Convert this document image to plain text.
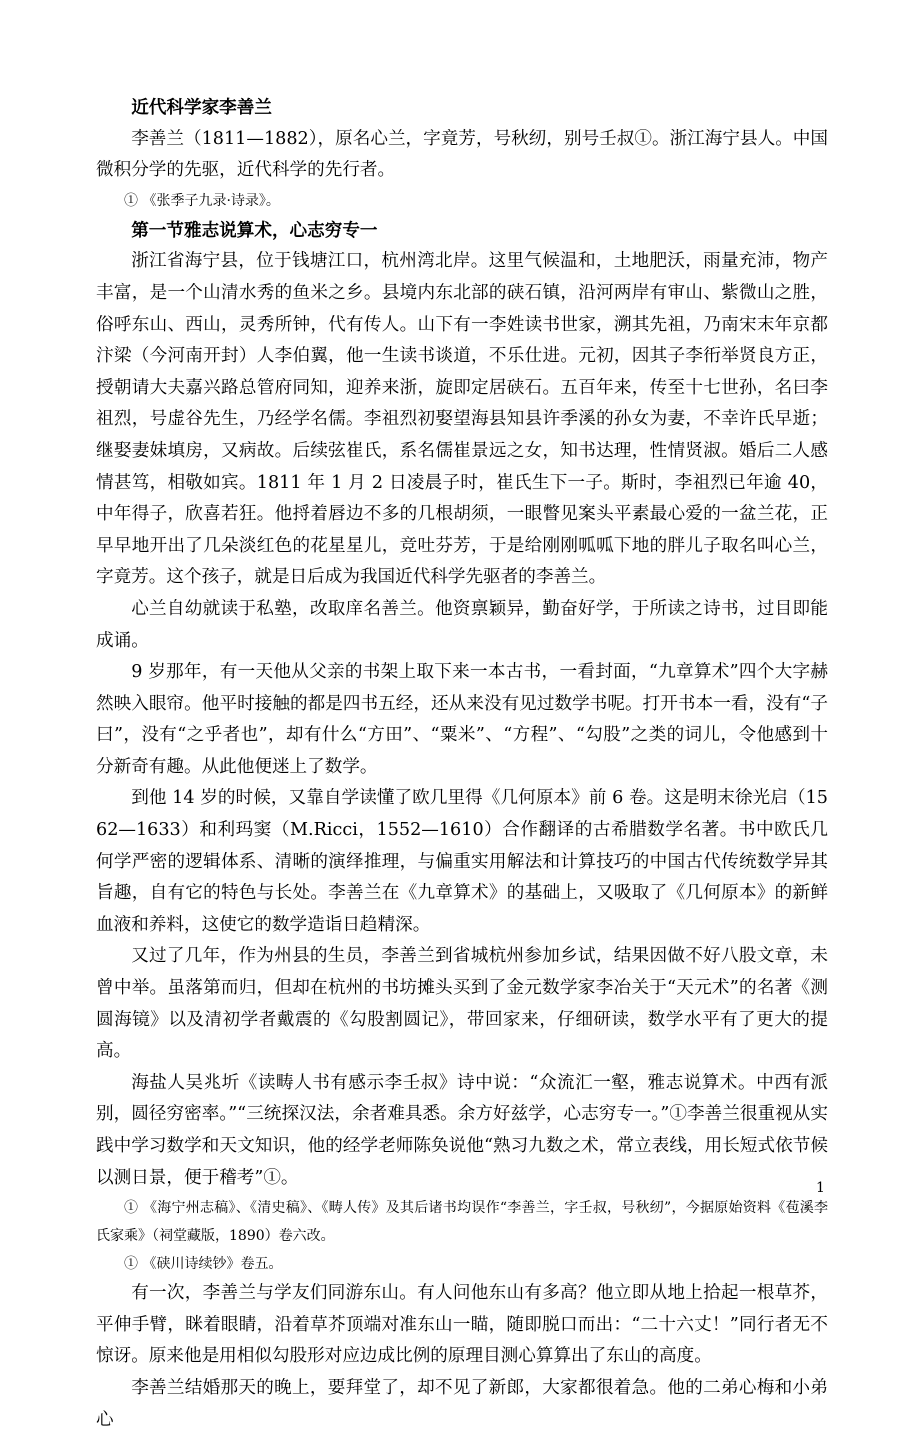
近代科学家李善兰

李善兰（1811—1882），原名心兰，字竟芳，号秋纫，别号壬叔①。浙江海宁县人。中国微积分学的先驱，近代科学的先行者。

① 《张季子九录·诗录》。

第一节雅志说算术，心志穷专一

浙江省海宁县，位于钱塘江口，杭州湾北岸。这里气候温和，土地肥沃，雨量充沛，物产丰富，是一个山清水秀的鱼米之乡。县境内东北部的硖石镇，沿河两岸有审山、紫微山之胜，俗呼东山、西山，灵秀所钟，代有传人。山下有一李姓读书世家，溯其先祖，乃南宋末年京都汴梁（今河南开封）人李伯翼，他一生读书谈道，不乐仕进。元初，因其子李衎举贤良方正，授朝请大夫嘉兴路总管府同知，迎养来浙，旋即定居硖石。五百年来，传至十七世孙，名曰李祖烈，号虚谷先生，乃经学名儒。李祖烈初娶望海县知县许季溪的孙女为妻，不幸许氏早逝；继娶妻妹填房，又病故。后续弦崔氏，系名儒崔景远之女，知书达理，性情贤淑。婚后二人感情甚笃，相敬如宾。1811 年 1 月 2 日凌晨子时，崔氏生下一子。斯时，李祖烈已年逾 40，中年得子，欣喜若狂。他捋着唇边不多的几根胡须，一眼瞥见案头平素最心爱的一盆兰花，正早早地开出了几朵淡红色的花星星儿，竞吐芬芳，于是给刚刚呱呱下地的胖儿子取名叫心兰，字竟芳。这个孩子，就是日后成为我国近代科学先驱者的李善兰。

心兰自幼就读于私塾，改取庠名善兰。他资禀颖异，勤奋好学，于所读之诗书，过目即能成诵。

9 岁那年，有一天他从父亲的书架上取下来一本古书，一看封面，“九章算术”四个大字赫然映入眼帘。他平时接触的都是四书五经，还从来没有见过数学书呢。打开书本一看，没有“子曰”，没有“之乎者也”，却有什么“方田”、“粟米”、“方程”、“勾股”之类的词儿，令他感到十分新奇有趣。从此他便迷上了数学。

到他 14 岁的时候，又靠自学读懂了欧几里得《几何原本》前 6 卷。这是明末徐光启（1562—1633）和利玛窦（M.Ricci，1552—1610）合作翻译的古希腊数学名著。书中欧氏几何学严密的逻辑体系、清晰的演绎推理，与偏重实用解法和计算技巧的中国古代传统数学异其旨趣，自有它的特色与长处。李善兰在《九章算术》的基础上，又吸取了《几何原本》的新鲜血液和养料，这使它的数学造诣日趋精深。

又过了几年，作为州县的生员，李善兰到省城杭州参加乡试，结果因做不好八股文章，未曾中举。虽落第而归，但却在杭州的书坊摊头买到了金元数学家李冶关于“天元术”的名著《测圆海镜》以及清初学者戴震的《勾股割圆记》，带回家来，仔细研读，数学水平有了更大的提高。

海盐人吴兆圻《读畴人书有感示李壬叔》诗中说：“众流汇一壑，雅志说算术。中西有派别，圆径穷密率。”“三统探汉法，余者难具悉。余方好兹学，心志穷专一。”①李善兰很重视从实践中学习数学和天文知识，他的经学老师陈奂说他“熟习九数之术，常立表线，用长短式依节候以测日景，便于稽考”①。

① 《海宁州志稿》、《清史稿》、《畴人传》及其后诸书均误作“李善兰，字壬叔，号秋纫”，今据原始资料《苞溪李氏家乘》（祠堂藏版，1890）卷六改。

① 《硖川诗续钞》卷五。

有一次，李善兰与学友们同游东山。有人问他东山有多高？他立即从地上拾起一根草芥，平伸手臂，眯着眼睛，沿着草芥顶端对准东山一瞄，随即脱口而出：“二十六丈！”同行者无不惊讶。原来他是用相似勾股形对应边成比例的原理目测心算算出了东山的高度。

李善兰结婚那天的晚上，要拜堂了，却不见了新郎，大家都很着急。他的二弟心梅和小弟心

1
